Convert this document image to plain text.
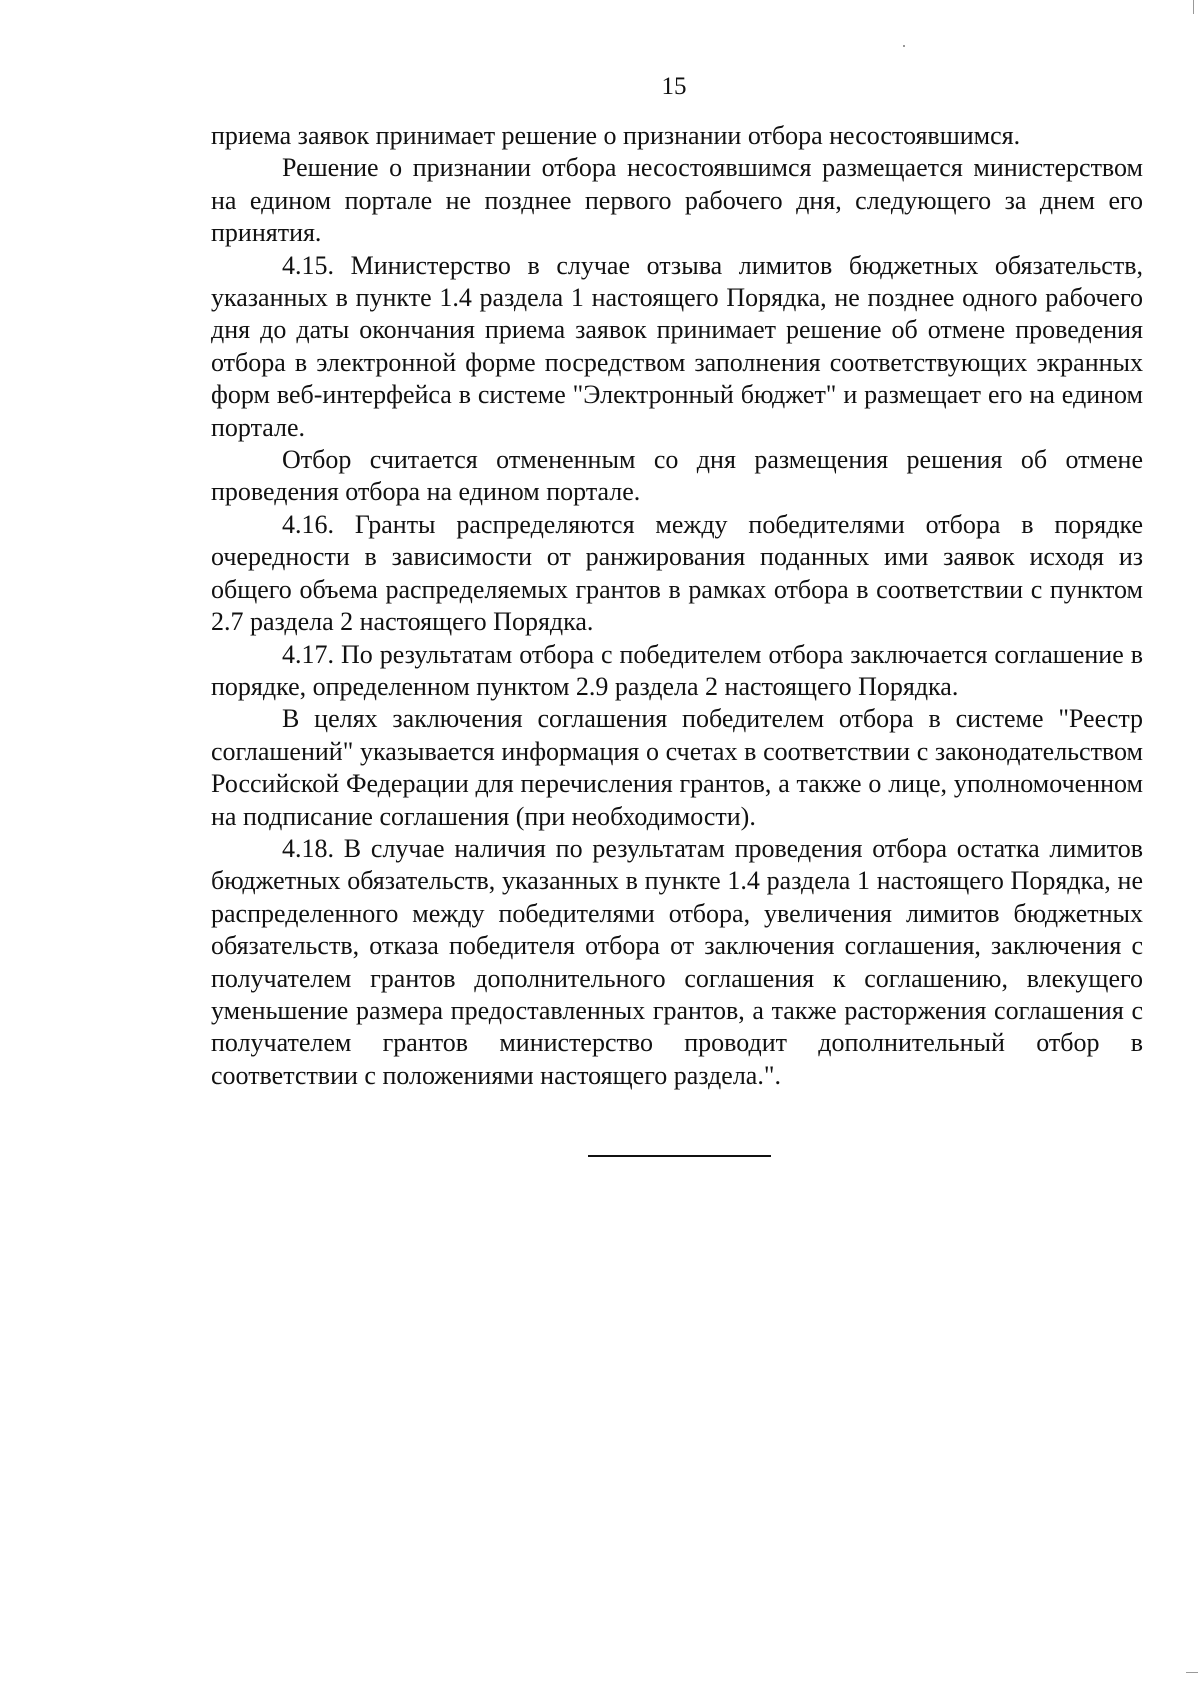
15

приема заявок принимает решение о признании отбора несостоявшимся.

Решение о признании отбора несостоявшимся размещается министерством на едином портале не позднее первого рабочего дня, следующего за днем его принятия.

4.15. Министерство в случае отзыва лимитов бюджетных обязательств, указанных в пункте 1.4 раздела 1 настоящего Порядка, не позднее одного рабочего дня до даты окончания приема заявок принимает решение об отмене проведения отбора в электронной форме посредством заполнения соответствующих экранных форм веб-интерфейса в системе "Электронный бюджет" и размещает его на едином портале.

Отбор считается отмененным со дня размещения решения об отмене проведения отбора на едином портале.

4.16. Гранты распределяются между победителями отбора в порядке очередности в зависимости от ранжирования поданных ими заявок исходя из общего объема распределяемых грантов в рамках отбора в соответствии с пунктом 2.7 раздела 2 настоящего Порядка.

4.17. По результатам отбора с победителем отбора заключается соглашение в порядке, определенном пунктом 2.9 раздела 2 настоящего Порядка.

В целях заключения соглашения победителем отбора в системе "Реестр соглашений" указывается информация о счетах в соответствии с законодательством Российской Федерации для перечисления грантов, а также о лице, уполномоченном на подписание соглашения (при необходимости).

4.18. В случае наличия по результатам проведения отбора остатка лимитов бюджетных обязательств, указанных в пункте 1.4 раздела 1 настоящего Порядка, не распределенного между победителями отбора, увеличения лимитов бюджетных обязательств, отказа победителя отбора от заключения соглашения, заключения с получателем грантов дополнительного соглашения к соглашению, влекущего уменьшение размера предоставленных грантов, а также расторжения соглашения с получателем грантов министерство проводит дополнительный отбор в соответствии с положениями настоящего раздела.".
